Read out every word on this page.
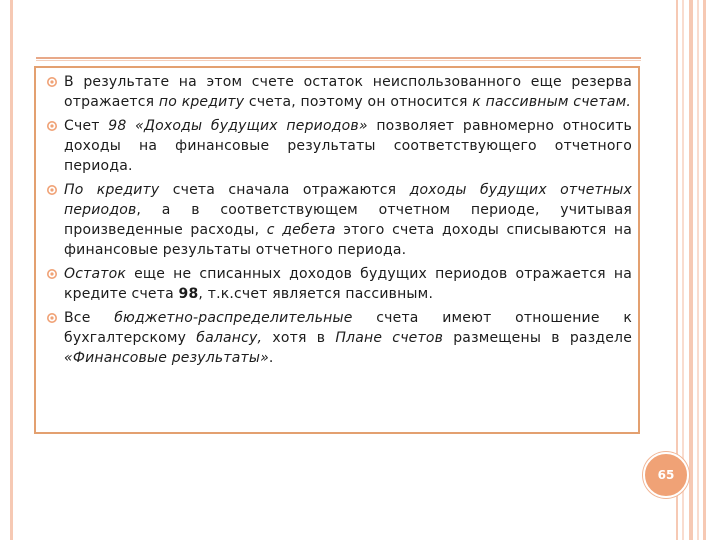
В результате на этом счете остаток неиспользованного еще резерва отражается по кредиту счета, поэтому он относится к пассивным счетам.
Счет 98 «Доходы будущих периодов» позволяет равномерно относить доходы на финансовые результаты соответствующего отчетного периода.
По кредиту счета сначала отражаются доходы будущих отчетных периодов, а в соответствующем отчетном периоде, учитывая произведенные расходы, с дебета этого счета доходы списываются на финансовые результаты отчетного периода.
Остаток еще не списанных доходов будущих периодов отражается на кредите счета 98, т.к.счет является пассивным.
Все бюджетно-распределительные счета имеют отношение к бухгалтерскому балансу, хотя в Плане счетов размещены в разделе «Финансовые результаты».
65
